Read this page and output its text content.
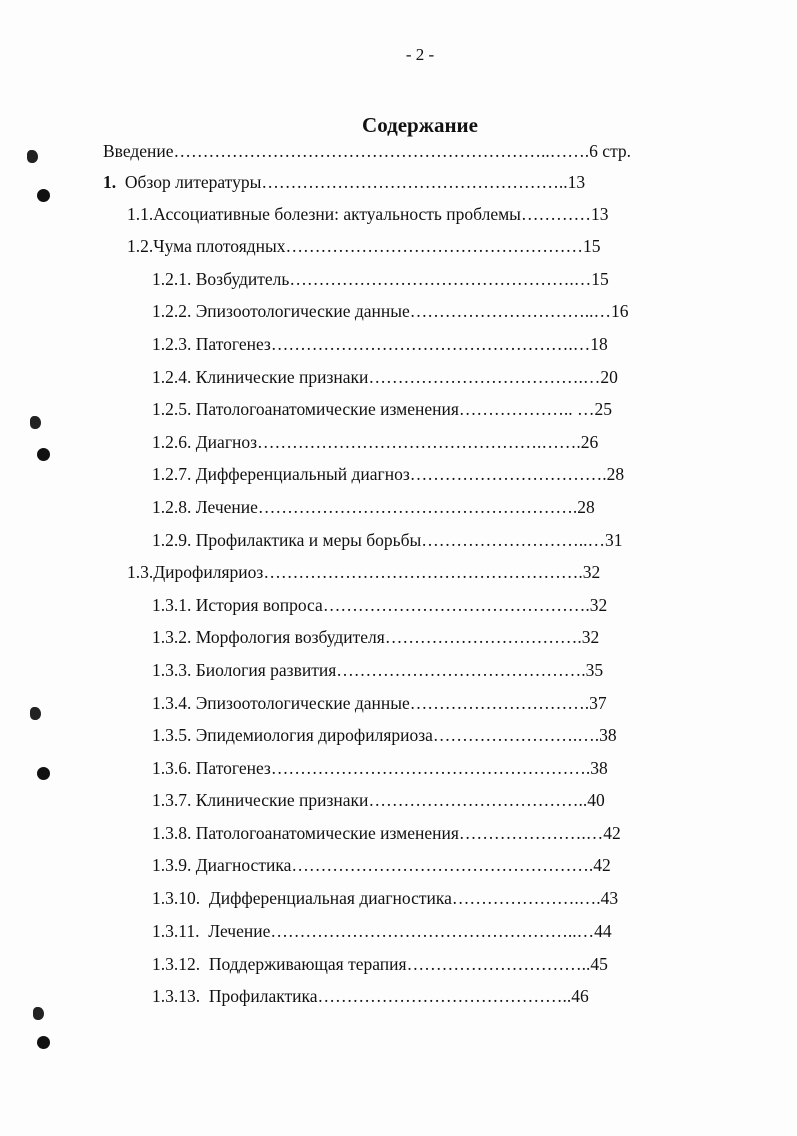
- 2 -
Содержание
Введение………………………………………………………..…….6 стр.
1.  Обзор литературы……………………………………………..13
1.1.Ассоциативные болезни: актуальность проблемы…………13
1.2.Чума плотоядных……………………………………………15
1.2.1. Возбудитель………………………………………….…15
1.2.2. Эпизоотологические данные…………………………..…16
1.2.3. Патогенез…………………………………………….…18
1.2.4. Клинические признаки……………………………….…20
1.2.5. Патологоанатомические изменения……………….. …25
1.2.6. Диагноз………………………………………….…….26
1.2.7. Дифференциальный диагноз…………………………….28
1.2.8. Лечение……………………………………………….28
1.2.9. Профилактика и меры борьбы………………………..…31
1.3.Дирофиляриоз……………………………………………….32
1.3.1. История вопроса……………………………………….32
1.3.2. Морфология возбудителя…………………………….32
1.3.3. Биология развития…………………………………….35
1.3.4. Эпизоотологические данные………………………….37
1.3.5. Эпидемиология дирофиляриоза…………………….….38
1.3.6. Патогенез……………………………………………….38
1.3.7. Клинические признаки………………………………..40
1.3.8. Патологоанатомические изменения………………….…42
1.3.9. Диагностика…………………………………………….42
1.3.10.  Дифференциальная диагностика………………….….43
1.3.11.  Лечение……………………………………………..…44
1.3.12.  Поддерживающая терапия…………………………..45
1.3.13.  Профилактика……………………………………..46
